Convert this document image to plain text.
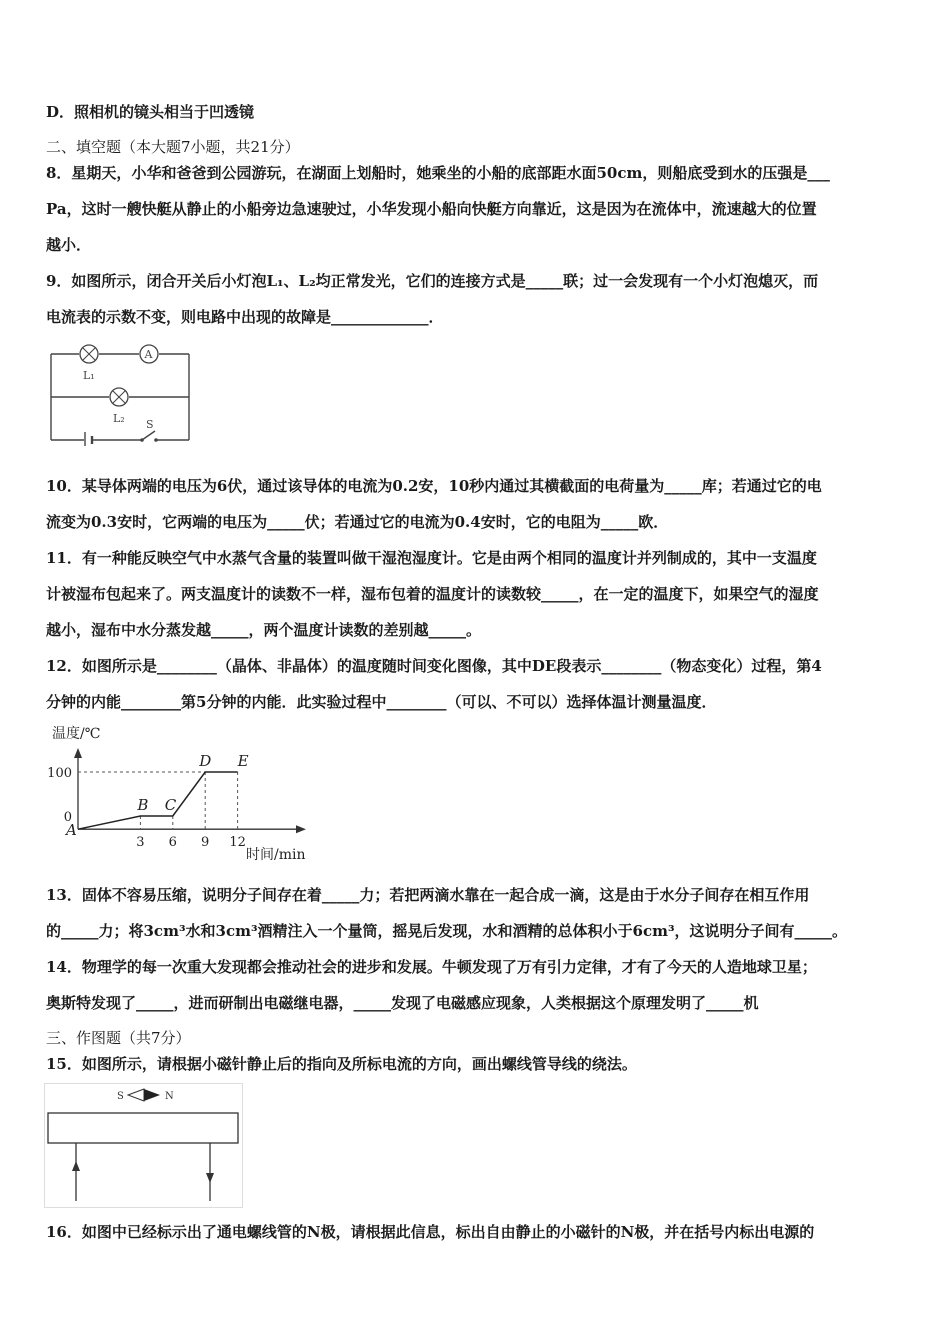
D．照相机的镜头相当于凹透镜
二、填空题（本大题7小题，共21分）
8．星期天，小华和爸爸到公园游玩，在湖面上划船时，她乘坐的小船的底部距水面50cm，则船底受到水的压强是___
Pa，这时一艘快艇从静止的小船旁边急速驶过，小华发现小船向快艇方向靠近，这是因为在流体中，流速越大的位置
越小．
9．如图所示，闭合开关后小灯泡L₁、L₂均正常发光，它们的连接方式是_____联；过一会发现有一个小灯泡熄灭，而
电流表的示数不变，则电路中出现的故障是_____________．
L₁
A
L₂ S
10．某导体两端的电压为6伏，通过该导体的电流为0.2安，10秒内通过其横截面的电荷量为_____库；若通过它的电
流变为0.3安时，它两端的电压为_____伏；若通过它的电流为0.4安时，它的电阻为_____欧．
11．有一种能反映空气中水蒸气含量的装置叫做干湿泡湿度计。它是由两个相同的温度计并列制成的，其中一支温度
计被湿布包起来了。两支温度计的读数不一样，湿布包着的温度计的读数较_____，在一定的温度下，如果空气的湿度
越小，湿布中水分蒸发越_____，两个温度计读数的差别越_____。
12．如图所示是________（晶体、非晶体）的温度随时间变化图像，其中DE段表示________（物态变化）过程，第4
分钟的内能________第5分钟的内能．此实验过程中________（可以、不可以）选择体温计测量温度．
温度/℃
时间/min
0
100
3 6 9 12
A
B C
D E
13．固体不容易压缩，说明分子间存在着_____力；若把两滴水靠在一起合成一滴，这是由于水分子间存在相互作用
的_____力；将3cm³水和3cm³酒精注入一个量筒，摇晃后发现，水和酒精的总体积小于6cm³，这说明分子间有_____。
14．物理学的每一次重大发现都会推动社会的进步和发展。牛顿发现了万有引力定律，才有了今天的人造地球卫星；
奥斯特发现了_____，进而研制出电磁继电器，_____发现了电磁感应现象，人类根据这个原理发明了_____机
三、作图题（共7分）
15．如图所示，请根据小磁针静止后的指向及所标电流的方向，画出螺线管导线的绕法。
S	N
16．如图中已经标示出了通电螺线管的N极，请根据此信息，标出自由静止的小磁针的N极，并在括号内标出电源的
